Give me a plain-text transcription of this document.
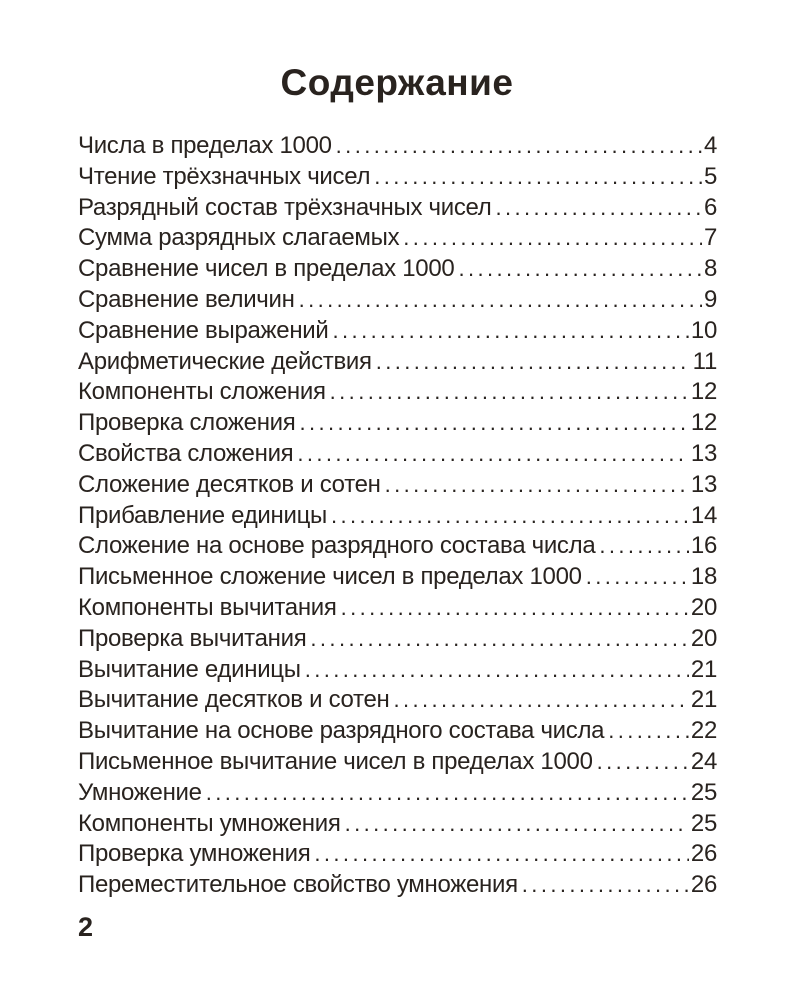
Содержание
Числа в пределах 1000 .....	4
Чтение трёхзначных чисел .....	5
Разрядный состав трёхзначных чисел .....	6
Сумма разрядных слагаемых .....	7
Сравнение чисел в пределах 1000 .....	8
Сравнение величин .....	9
Сравнение выражений .....	10
Арифметические действия .....	11
Компоненты сложения .....	12
Проверка сложения .....	12
Свойства сложения .....	13
Сложение десятков и сотен .....	13
Прибавление единицы .....	14
Сложение на основе разрядного состава числа .....	16
Письменное сложение чисел в пределах 1000 .....	18
Компоненты вычитания .....	20
Проверка вычитания .....	20
Вычитание единицы .....	21
Вычитание десятков и сотен .....	21
Вычитание на основе разрядного состава числа .....	22
Письменное вычитание чисел в пределах 1000 .....	24
Умножение .....	25
Компоненты умножения .....	25
Проверка умножения .....	26
Переместительное свойство умножения .....	26
2
